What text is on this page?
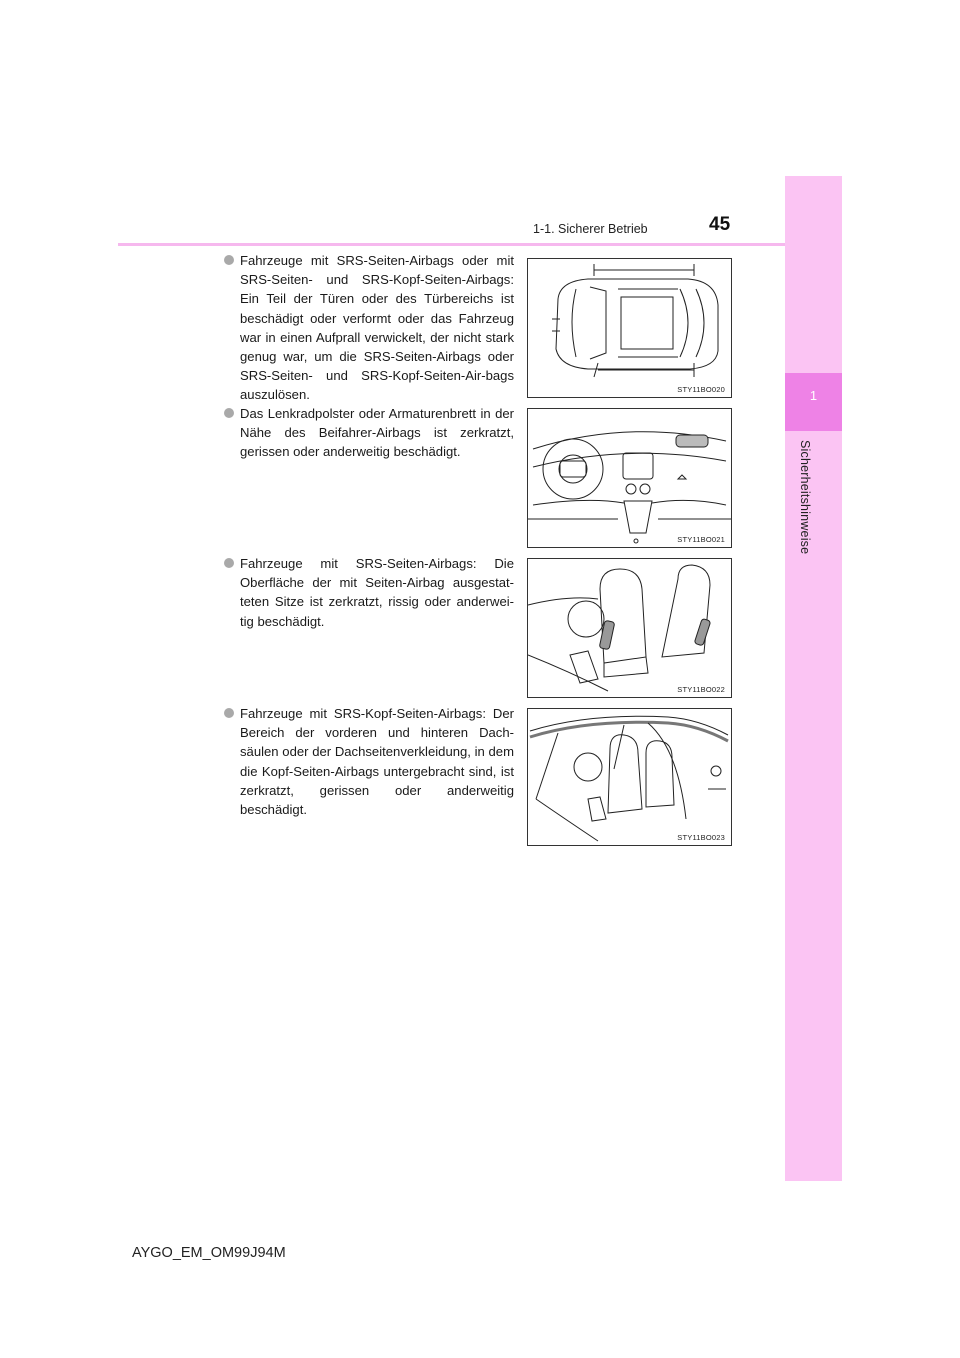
1
Sicherheitshinweise
1-1. Sicherer Betrieb	45
Fahrzeuge mit SRS-Seiten-Airbags oder mit SRS-Seiten- und SRS-Kopf-Seiten-Airbags: Ein Teil der Türen oder des Türbereichs ist beschädigt oder verformt oder das Fahrzeug war in einen Aufprall verwickelt, der nicht stark genug war, um die SRS-Seiten-Airbags oder SRS-Seiten- und SRS-Kopf-Seiten-Air-bags auszulösen.	STY11BO020
Das Lenkradpolster oder Armaturenbrett in der Nähe des Beifahrer-Airbags ist zerkratzt, gerissen oder anderweitig beschädigt.
STY11BO021
Fahrzeuge mit SRS-Seiten-Airbags: Die Oberfläche der mit Seiten-Airbag ausgestat-teten Sitze ist zerkratzt, rissig oder anderwei-tig beschädigt.
STY11BO022
Fahrzeuge mit SRS-Kopf-Seiten-Airbags: Der Bereich der vorderen und hinteren Dach-säulen oder der Dachseitenverkleidung, in dem die Kopf-Seiten-Airbags untergebracht sind, ist zerkratzt, gerissen oder anderweitig beschädigt.
STY11BO023
AYGO_EM_OM99J94M
